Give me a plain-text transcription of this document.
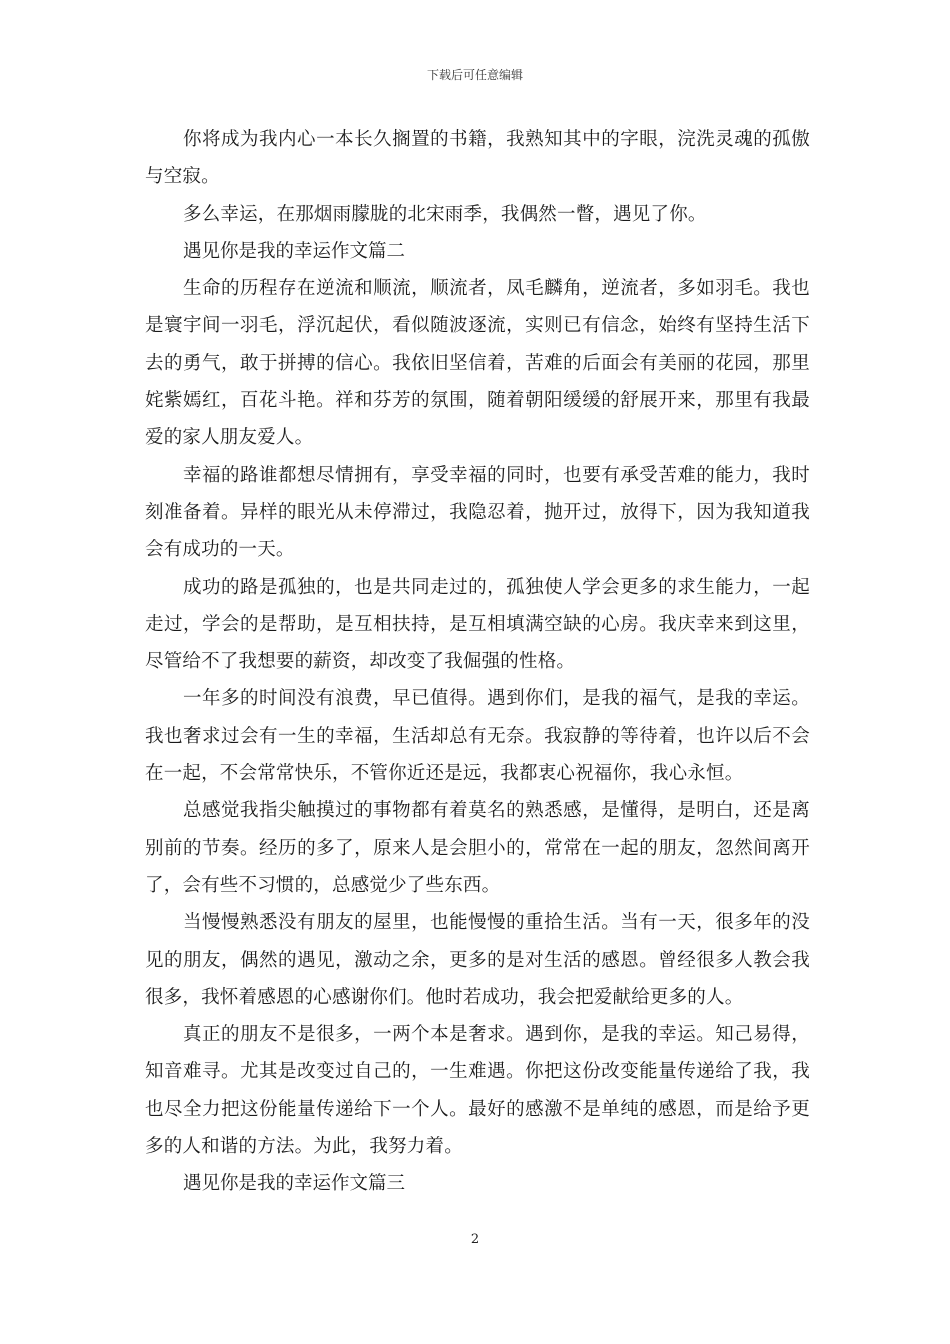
下载后可任意编辑

你将成为我内心一本长久搁置的书籍，我熟知其中的字眼，浣洗灵魂的孤傲与空寂。

多么幸运，在那烟雨朦胧的北宋雨季，我偶然一瞥，遇见了你。

遇见你是我的幸运作文篇二

生命的历程存在逆流和顺流，顺流者，凤毛麟角，逆流者，多如羽毛。我也是寰宇间一羽毛，浮沉起伏，看似随波逐流，实则已有信念，始终有坚持生活下去的勇气，敢于拼搏的信心。我依旧坚信着，苦难的后面会有美丽的花园，那里姹紫嫣红，百花斗艳。祥和芬芳的氛围，随着朝阳缓缓的舒展开来，那里有我最爱的家人朋友爱人。

幸福的路谁都想尽情拥有，享受幸福的同时，也要有承受苦难的能力，我时刻准备着。异样的眼光从未停滞过，我隐忍着，抛开过，放得下，因为我知道我会有成功的一天。

成功的路是孤独的，也是共同走过的，孤独使人学会更多的求生能力，一起走过，学会的是帮助，是互相扶持，是互相填满空缺的心房。我庆幸来到这里，尽管给不了我想要的薪资，却改变了我倔强的性格。

一年多的时间没有浪费，早已值得。遇到你们，是我的福气，是我的幸运。我也奢求过会有一生的幸福，生活却总有无奈。我寂静的等待着，也许以后不会在一起，不会常常快乐，不管你近还是远，我都衷心祝福你，我心永恒。

总感觉我指尖触摸过的事物都有着莫名的熟悉感，是懂得，是明白，还是离别前的节奏。经历的多了，原来人是会胆小的，常常在一起的朋友，忽然间离开了，会有些不习惯的，总感觉少了些东西。

当慢慢熟悉没有朋友的屋里，也能慢慢的重拾生活。当有一天，很多年的没见的朋友，偶然的遇见，激动之余，更多的是对生活的感恩。曾经很多人教会我很多，我怀着感恩的心感谢你们。他时若成功，我会把爱献给更多的人。

真正的朋友不是很多，一两个本是奢求。遇到你，是我的幸运。知己易得，知音难寻。尤其是改变过自己的，一生难遇。你把这份改变能量传递给了我，我也尽全力把这份能量传递给下一个人。最好的感激不是单纯的感恩，而是给予更多的人和谐的方法。为此，我努力着。

遇见你是我的幸运作文篇三

2
